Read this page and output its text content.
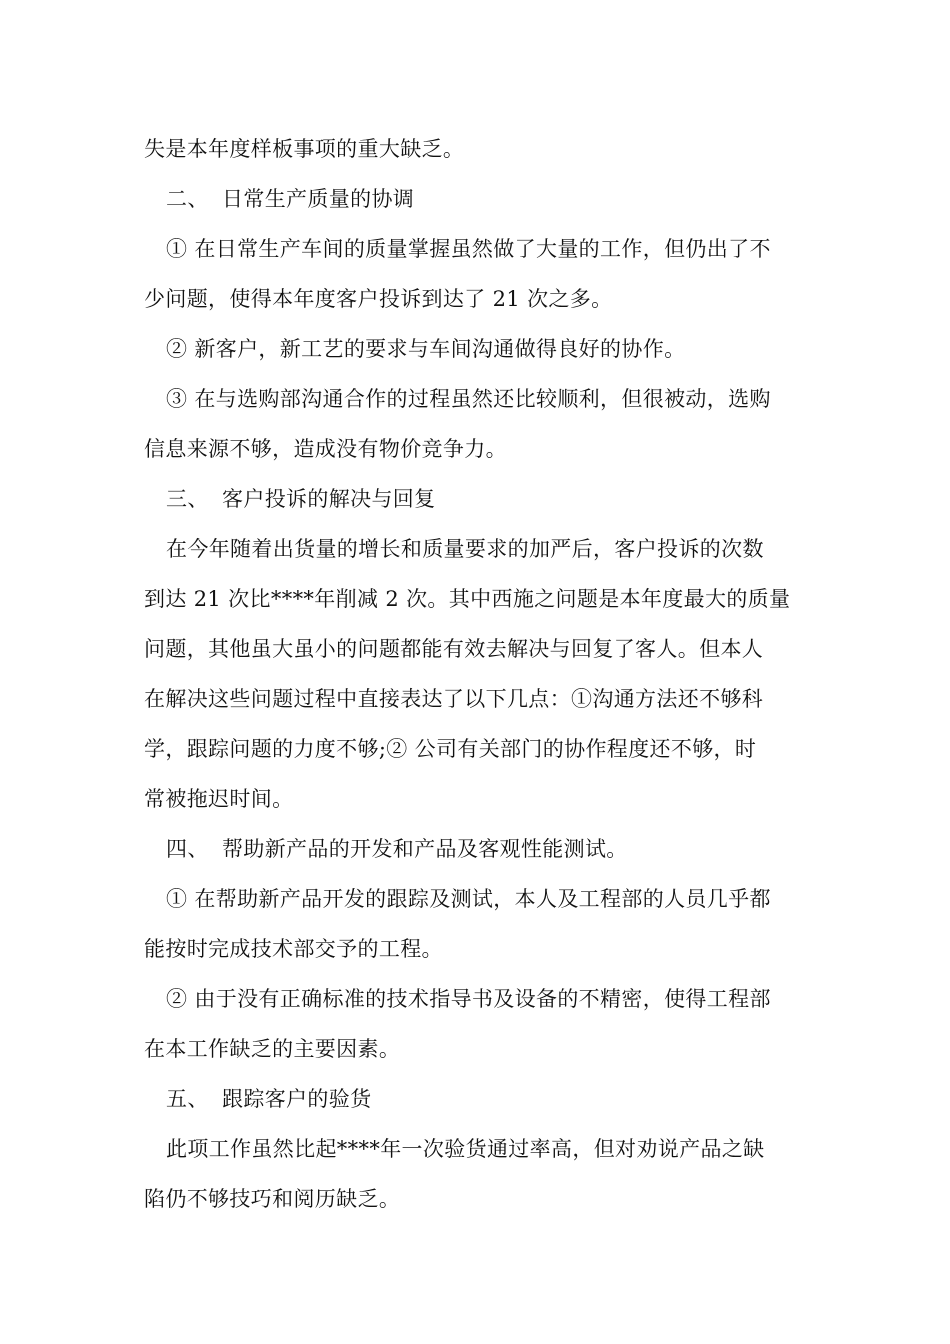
失是本年度样板事项的重大缺乏。
二、 日常生产质量的协调
① 在日常生产车间的质量掌握虽然做了大量的工作，但仍出了不
少问题，使得本年度客户投诉到达了 21 次之多。
② 新客户，新工艺的要求与车间沟通做得良好的协作。
③ 在与选购部沟通合作的过程虽然还比较顺利，但很被动，选购
信息来源不够，造成没有物价竞争力。
三、 客户投诉的解决与回复
在今年随着出货量的增长和质量要求的加严后，客户投诉的次数
到达 21 次比****年削减 2 次。其中西施之问题是本年度最大的质量
问题，其他虽大虽小的问题都能有效去解决与回复了客人。但本人
在解决这些问题过程中直接表达了以下几点：①沟通方法还不够科
学，跟踪问题的力度不够;② 公司有关部门的协作程度还不够，时
常被拖迟时间。
四、 帮助新产品的开发和产品及客观性能测试。
① 在帮助新产品开发的跟踪及测试，本人及工程部的人员几乎都
能按时完成技术部交予的工程。
② 由于没有正确标准的技术指导书及设备的不精密，使得工程部
在本工作缺乏的主要因素。
五、 跟踪客户的验货
此项工作虽然比起****年一次验货通过率高，但对劝说产品之缺
陷仍不够技巧和阅历缺乏。
